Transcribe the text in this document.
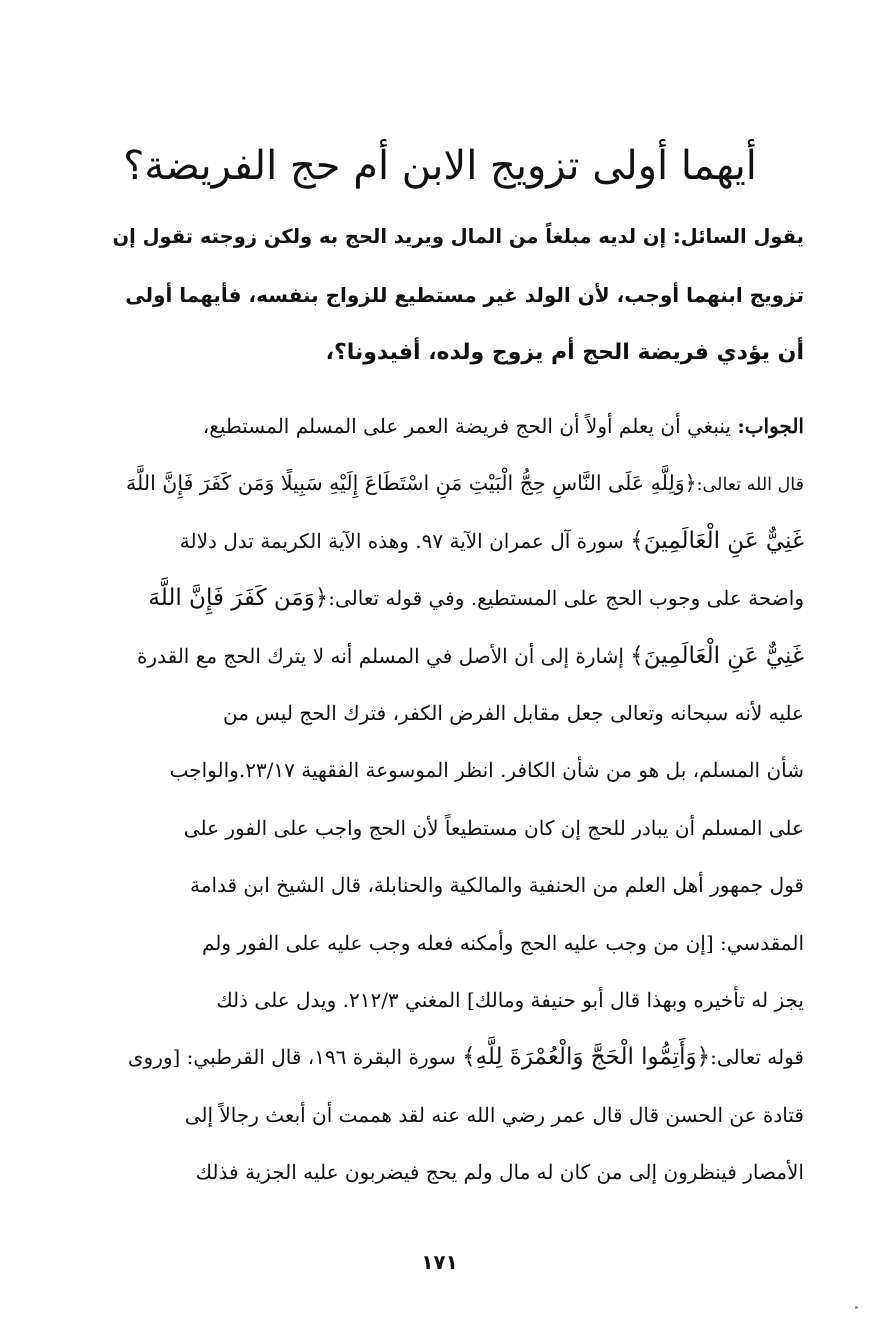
أيهما أولى تزويج الابن أم حج الفريضة؟
يقول السائل: إن لديه مبلغاً من المال ويريد الحج به ولكن زوجته تقول إن
تزويج ابنهما أوجب، لأن الولد غير مستطيع للزواج بنفسه، فأيهما أولى
أن يؤدي فريضة الحج أم يزوج ولده، أفيدونا؟،
الجواب: ينبغي أن يعلم أولاً أن الحج فريضة العمر على المسلم المستطيع،
قال الله تعالى:﴿وَلِلَّهِ عَلَى النَّاسِ حِجُّ الْبَيْتِ مَنِ اسْتَطَاعَ إِلَيْهِ سَبِيلًا وَمَن كَفَرَ فَإِنَّ اللَّهَ
غَنِيٌّ عَنِ الْعَالَمِينَ﴾ سورة آل عمران الآية ٩٧. وهذه الآية الكريمة تدل دلالة
واضحة على وجوب الحج على المستطيع. وفي قوله تعالى:﴿وَمَن كَفَرَ فَإِنَّ اللَّهَ
غَنِيٌّ عَنِ الْعَالَمِينَ﴾ إشارة إلى أن الأصل في المسلم أنه لا يترك الحج مع القدرة
عليه لأنه سبحانه وتعالى جعل مقابل الفرض الكفر، فترك الحج ليس من
شأن المسلم، بل هو من شأن الكافر. انظر الموسوعة الفقهية ٢٣/١٧.والواجب
على المسلم أن يبادر للحج إن كان مستطيعاً لأن الحج واجب على الفور على
قول جمهور أهل العلم من الحنفية والمالكية والحنابلة، قال الشيخ ابن قدامة
المقدسي: [إن من وجب عليه الحج وأمكنه فعله وجب عليه على الفور ولم
يجز له تأخيره وبهذا قال أبو حنيفة ومالك] المغني ٢١٢/٣. ويدل على ذلك
قوله تعالى:﴿وَأَتِمُّوا الْحَجَّ وَالْعُمْرَةَ لِلَّهِ﴾ سورة البقرة ١٩٦، قال القرطبي: [وروى
قتادة عن الحسن قال قال عمر رضي الله عنه لقد هممت أن أبعث رجالاً إلى
الأمصار فينظرون إلى من كان له مال ولم يحج فيضربون عليه الجزية فذلك
١٧١
